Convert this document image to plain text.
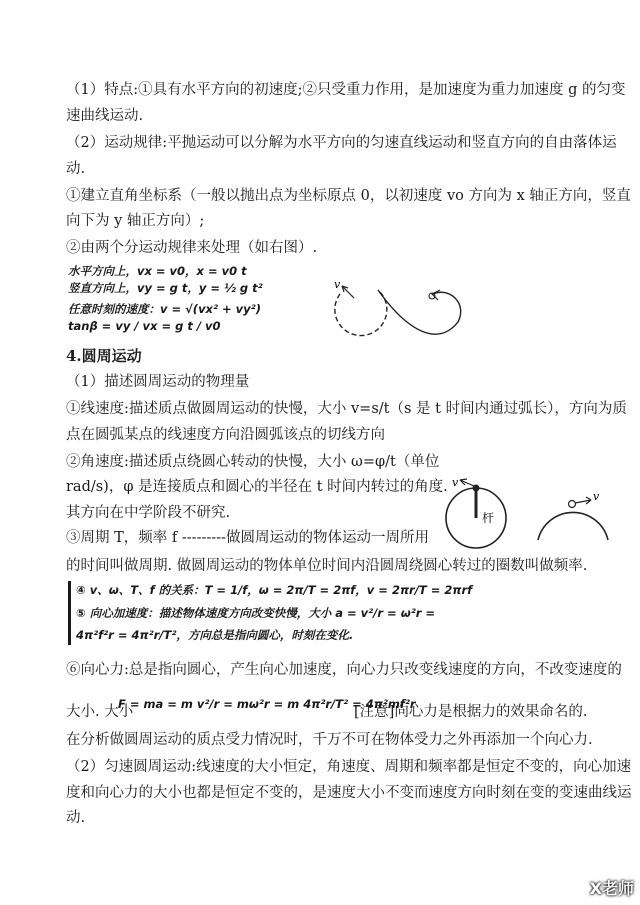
（1）特点:①具有水平方向的初速度;②只受重力作用，是加速度为重力加速度 g 的匀变
速曲线运动.
（2）运动规律:平抛运动可以分解为水平方向的匀速直线运动和竖直方向的自由落体运
动.
①建立直角坐标系（一般以抛出点为坐标原点 0，以初速度 vo 方向为 x 轴正方向，竖直
向下为 y 轴正方向）;
②由两个分运动规律来处理（如右图）.
水平方向上，vx = v0，x = v0 t
竖直方向上，vy = g t，y = ½ g t²
任意时刻的速度：v = √(vx² + vy²)
tanβ = vy / vx = g t / v0
v
4.圆周运动
（1）描述圆周运动的物理量
①线速度:描述质点做圆周运动的快慢，大小 v=s/t（s 是 t 时间内通过弧长），方向为质
点在圆弧某点的线速度方向沿圆弧该点的切线方向
②角速度:描述质点绕圆心转动的快慢，大小 ω=φ/t（单位
rad/s)，φ 是连接质点和圆心的半径在 t 时间内转过的角度.
其方向在中学阶段不研究.
③周期 T，频率 f ---------做圆周运动的物体运动一周所用
的时间叫做周期. 做圆周运动的物体单位时间内沿圆周绕圆心转过的圈数叫做频率.
v
杆
v
④ v、ω、T、f 的关系：T = 1/f，ω = 2π/T = 2πf，v = 2πr/T = 2πrf
⑤ 向心加速度：描述物体速度方向改变快慢，大小 a = v²/r = ω²r =
4π²f²r = 4π²r/T²，方向总是指向圆心，时刻在变化.
⑥向心力:总是指向圆心，产生向心加速度，向心力只改变线速度的方向，不改变速度的
大小. 大小
F = ma = m v²/r = mω²r = m 4π²r/T² = 4π²mf²r
[注意]向心力是根据力的效果命名的.
在分析做圆周运动的质点受力情况时，千万不可在物体受力之外再添加一个向心力.
（2）匀速圆周运动:线速度的大小恒定，角速度、周期和频率都是恒定不变的，向心加速
度和向心力的大小也都是恒定不变的，是速度大小不变而速度方向时刻在变的变速曲线运
动.
X老师
